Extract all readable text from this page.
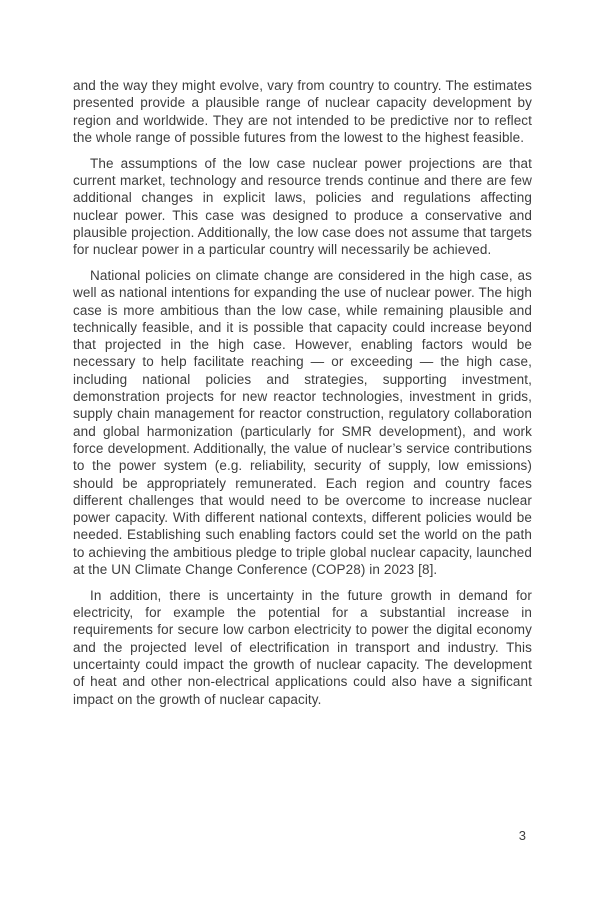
and the way they might evolve, vary from country to country. The estimates presented provide a plausible range of nuclear capacity development by region and worldwide. They are not intended to be predictive nor to reflect the whole range of possible futures from the lowest to the highest feasible.

The assumptions of the low case nuclear power projections are that current market, technology and resource trends continue and there are few additional changes in explicit laws, policies and regulations affecting nuclear power. This case was designed to produce a conservative and plausible projection. Additionally, the low case does not assume that targets for nuclear power in a particular country will necessarily be achieved.

National policies on climate change are considered in the high case, as well as national intentions for expanding the use of nuclear power. The high case is more ambitious than the low case, while remaining plausible and technically feasible, and it is possible that capacity could increase beyond that projected in the high case. However, enabling factors would be necessary to help facilitate reaching — or exceeding — the high case, including national policies and strategies, supporting investment, demonstration projects for new reactor technologies, investment in grids, supply chain management for reactor construction, regulatory collaboration and global harmonization (particularly for SMR development), and work force development. Additionally, the value of nuclear’s service contributions to the power system (e.g. reliability, security of supply, low emissions) should be appropriately remunerated. Each region and country faces different challenges that would need to be overcome to increase nuclear power capacity. With different national contexts, different policies would be needed. Establishing such enabling factors could set the world on the path to achieving the ambitious pledge to triple global nuclear capacity, launched at the UN Climate Change Conference (COP28) in 2023 [8].

In addition, there is uncertainty in the future growth in demand for electricity, for example the potential for a substantial increase in requirements for secure low carbon electricity to power the digital economy and the projected level of electrification in transport and industry. This uncertainty could impact the growth of nuclear capacity. The development of heat and other non-electrical applications could also have a significant impact on the growth of nuclear capacity.

3
